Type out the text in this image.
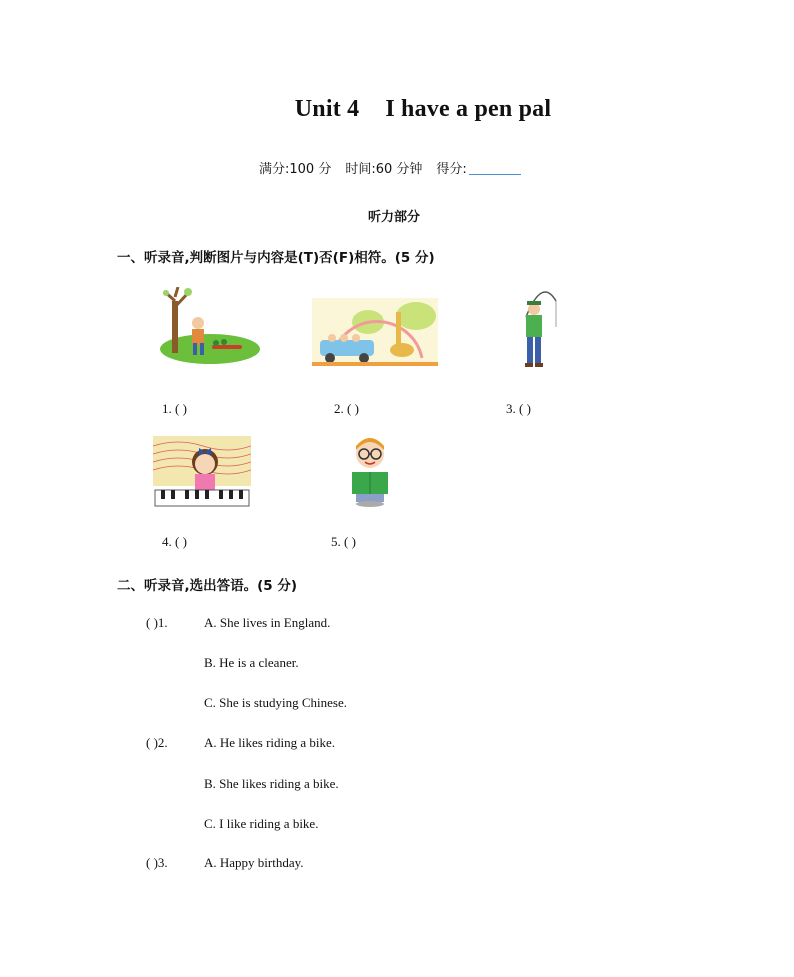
Unit 4 I have a pen pal
满分:100 分 时间:60 分钟 得分:
听力部分
一、听录音,判断图片与内容是(T)否(F)相符。(5 分)
1. ( )	2. ( )	3. ( )
4. ( )	5. ( )
二、听录音,选出答语。(5 分)
( )1.	A. She lives in England.
B. He is a cleaner.
C. She is studying Chinese.
( )2.	A. He likes riding a bike.
B. She likes riding a bike.
C. I like riding a bike.
( )3.	A. Happy birthday.
